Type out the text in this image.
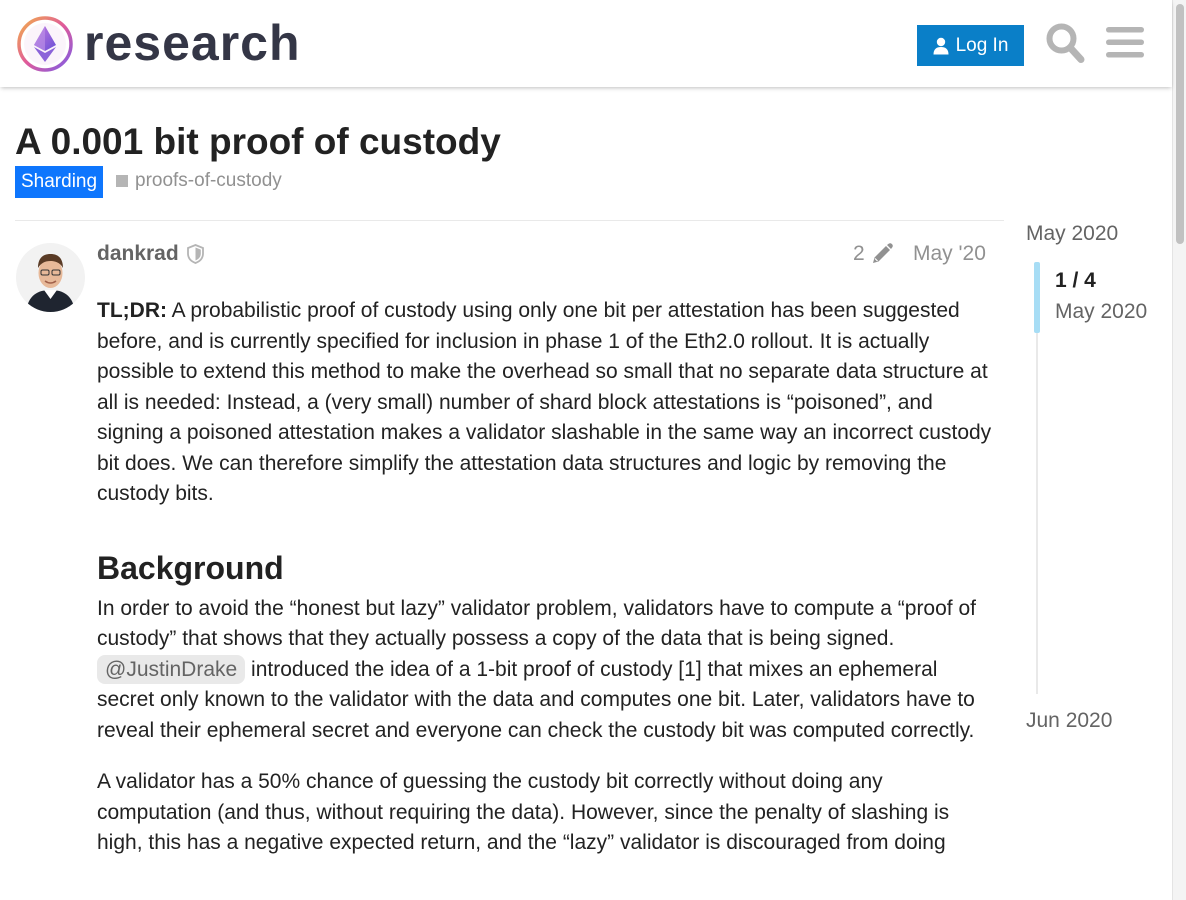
research	Log In
A 0.001 bit proof of custody
Sharding	proofs-of-custody
dankrad	2 May '20

TL;DR: A probabilistic proof of custody using only one bit per attestation has been suggested before, and is currently specified for inclusion in phase 1 of the Eth2.0 rollout. It is actually possible to extend this method to make the overhead so small that no separate data structure at all is needed: Instead, a (very small) number of shard block attestations is “poisoned”, and signing a poisoned attestation makes a validator slashable in the same way an incorrect custody bit does. We can therefore simplify the attestation data structures and logic by removing the custody bits.

Background

In order to avoid the “honest but lazy” validator problem, validators have to compute a “proof of custody” that shows that they actually possess a copy of the data that is being signed. @JustinDrake introduced the idea of a 1-bit proof of custody [1] that mixes an ephemeral secret only known to the validator with the data and computes one bit. Later, validators have to reveal their ephemeral secret and everyone can check the custody bit was computed correctly.

A validator has a 50% chance of guessing the custody bit correctly without doing any computation (and thus, without requiring the data). However, since the penalty of slashing is high, this has a negative expected return, and the “lazy” validator is discouraged from doing

May 2020
1 / 4
May 2020
Jun 2020
